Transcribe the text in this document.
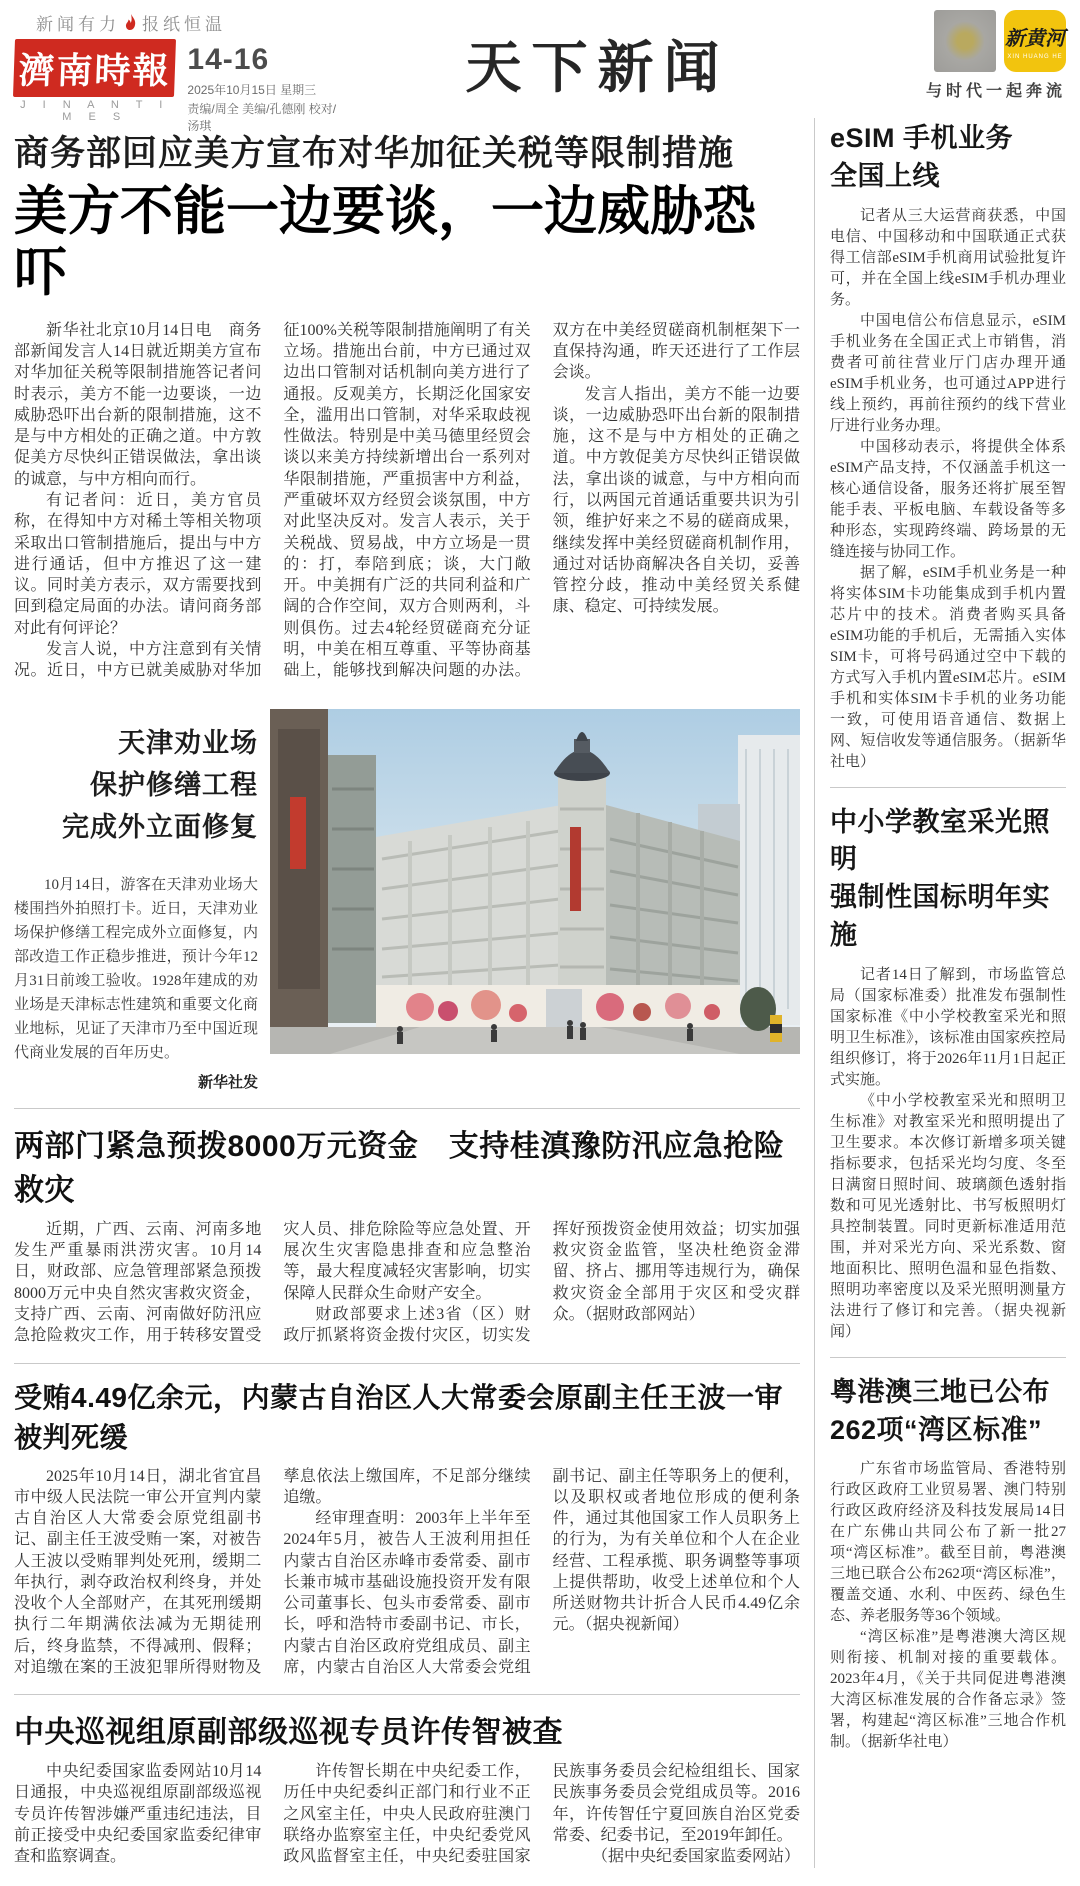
新闻有力 报纸恒温
濟南時報
J I N A N T I M E S
14-16
2025年10月15日 星期三
责编/周全 美编/孔德刚 校对/汤琪
天下新闻	新黄河
XIN HUANG HE
与时代一起奔流
商务部回应美方宣布对华加征关税等限制措施
美方不能一边要谈，一边威胁恐吓

新华社北京10月14日电　商务部新闻发言人14日就近期美方宣布对华加征关税等限制措施答记者问时表示，美方不能一边要谈，一边威胁恐吓出台新的限制措施，这不是与中方相处的正确之道。中方敦促美方尽快纠正错误做法，拿出谈的诚意，与中方相向而行。

有记者问：近日，美方官员称，在得知中方对稀土等相关物项采取出口管制措施后，提出与中方进行通话，但中方推迟了这一建议。同时美方表示，双方需要找到回到稳定局面的办法。请问商务部对此有何评论？

发言人说，中方注意到有关情况。近日，中方已就美威胁对华加征100%关税等限制措施阐明了有关立场。措施出台前，中方已通过双边出口管制对话机制向美方进行了通报。反观美方，长期泛化国家安全，滥用出口管制，对华采取歧视性做法。特别是中美马德里经贸会谈以来美方持续新增出台一系列对华限制措施，严重损害中方利益，严重破坏双方经贸会谈氛围，中方对此坚决反对。发言人表示，关于关税战、贸易战，中方立场是一贯的：打，奉陪到底；谈，大门敞开。中美拥有广泛的共同利益和广阔的合作空间，双方合则两利，斗则俱伤。过去4轮经贸磋商充分证明，中美在相互尊重、平等协商基础上，能够找到解决问题的办法。双方在中美经贸磋商机制框架下一直保持沟通，昨天还进行了工作层会谈。

发言人指出，美方不能一边要谈，一边威胁恐吓出台新的限制措施，这不是与中方相处的正确之道。中方敦促美方尽快纠正错误做法，拿出谈的诚意，与中方相向而行，以两国元首通话重要共识为引领，维护好来之不易的磋商成果，继续发挥中美经贸磋商机制作用，通过对话协商解决各自关切，妥善管控分歧，推动中美经贸关系健康、稳定、可持续发展。

天津劝业场
保护修缮工程
完成外立面修复

10月14日，游客在天津劝业场大楼围挡外拍照打卡。近日，天津劝业场保护修缮工程完成外立面修复，内部改造工作正稳步推进，预计今年12月31日前竣工验收。1928年建成的劝业场是天津标志性建筑和重要文化商业地标，见证了天津市乃至中国近现代商业发展的百年历史。

新华社发
两部门紧急预拨8000万元资金　支持桂滇豫防汛应急抢险救灾

近期，广西、云南、河南多地发生严重暴雨洪涝灾害。10月14日，财政部、应急管理部紧急预拨8000万元中央自然灾害救灾资金，支持广西、云南、河南做好防汛应急抢险救灾工作，用于转移安置受灾人员、排危除险等应急处置、开展次生灾害隐患排查和应急整治等，最大程度减轻灾害影响，切实保障人民群众生命财产安全。

财政部要求上述3省（区）财政厅抓紧将资金拨付灾区，切实发挥好预拨资金使用效益；切实加强救灾资金监管，坚决杜绝资金滞留、挤占、挪用等违规行为，确保救灾资金全部用于灾区和受灾群众。（据财政部网站）

受贿4.49亿余元，内蒙古自治区人大常委会原副主任王波一审被判死缓

2025年10月14日，湖北省宜昌市中级人民法院一审公开宣判内蒙古自治区人大常委会原党组副书记、副主任王波受贿一案，对被告人王波以受贿罪判处死刑，缓期二年执行，剥夺政治权利终身，并处没收个人全部财产，在其死刑缓期执行二年期满依法减为无期徒刑后，终身监禁，不得减刑、假释；对追缴在案的王波犯罪所得财物及孳息依法上缴国库，不足部分继续追缴。

经审理查明：2003年上半年至2024年5月，被告人王波利用担任内蒙古自治区赤峰市委常委、副市长兼市城市基础设施投资开发有限公司董事长、包头市委常委、副市长，呼和浩特市委副书记、市长，内蒙古自治区政府党组成员、副主席，内蒙古自治区人大常委会党组副书记、副主任等职务上的便利，以及职权或者地位形成的便利条件，通过其他国家工作人员职务上的行为，为有关单位和个人在企业经营、工程承揽、职务调整等事项上提供帮助，收受上述单位和个人所送财物共计折合人民币4.49亿余元。（据央视新闻）

中央巡视组原副部级巡视专员许传智被查

中央纪委国家监委网站10月14日通报，中央巡视组原副部级巡视专员许传智涉嫌严重违纪违法，目前正接受中央纪委国家监委纪律审查和监察调查。

许传智长期在中央纪委工作，历任中央纪委纠正部门和行业不正之风室主任，中央人民政府驻澳门联络办监察室主任，中央纪委党风政风监督室主任，中央纪委驻国家民族事务委员会纪检组组长、国家民族事务委员会党组成员等。2016年，许传智任宁夏回族自治区党委常委、纪委书记，至2019年卸任。

（据中央纪委国家监委网站）

eSIM 手机业务
全国上线

记者从三大运营商获悉，中国电信、中国移动和中国联通正式获得工信部eSIM手机商用试验批复许可，并在全国上线eSIM手机办理业务。

中国电信公布信息显示，eSIM手机业务在全国正式上市销售，消费者可前往营业厅门店办理开通eSIM手机业务，也可通过APP进行线上预约，再前往预约的线下营业厅进行业务办理。

中国移动表示，将提供全体系eSIM产品支持，不仅涵盖手机这一核心通信设备，服务还将扩展至智能手表、平板电脑、车载设备等多种形态，实现跨终端、跨场景的无缝连接与协同工作。

据了解，eSIM手机业务是一种将实体SIM卡功能集成到手机内置芯片中的技术。消费者购买具备eSIM功能的手机后，无需插入实体SIM卡，可将号码通过空中下载的方式写入手机内置eSIM芯片。eSIM手机和实体SIM卡手机的业务功能一致，可使用语音通信、数据上网、短信收发等通信服务。（据新华社电）

中小学教室采光照明
强制性国标明年实施

记者14日了解到，市场监管总局（国家标准委）批准发布强制性国家标准《中小学校教室采光和照明卫生标准》，该标准由国家疾控局组织修订，将于2026年11月1日起正式实施。

《中小学校教室采光和照明卫生标准》对教室采光和照明提出了卫生要求。本次修订新增多项关键指标要求，包括采光均匀度、冬至日满窗日照时间、玻璃颜色透射指数和可见光透射比、书写板照明灯具控制装置。同时更新标准适用范围，并对采光方向、采光系数、窗地面积比、照明色温和显色指数、照明功率密度以及采光照明测量方法进行了修订和完善。（据央视新闻）

粤港澳三地已公布
262项“湾区标准”

广东省市场监管局、香港特别行政区政府工业贸易署、澳门特别行政区政府经济及科技发展局14日在广东佛山共同公布了新一批27项“湾区标准”。截至目前，粤港澳三地已联合公布262项“湾区标准”，覆盖交通、水利、中医药、绿色生态、养老服务等36个领域。

“湾区标准”是粤港澳大湾区规则衔接、机制对接的重要载体。2023年4月，《关于共同促进粤港澳大湾区标准发展的合作备忘录》签署，构建起“湾区标准”三地合作机制。（据新华社电）
